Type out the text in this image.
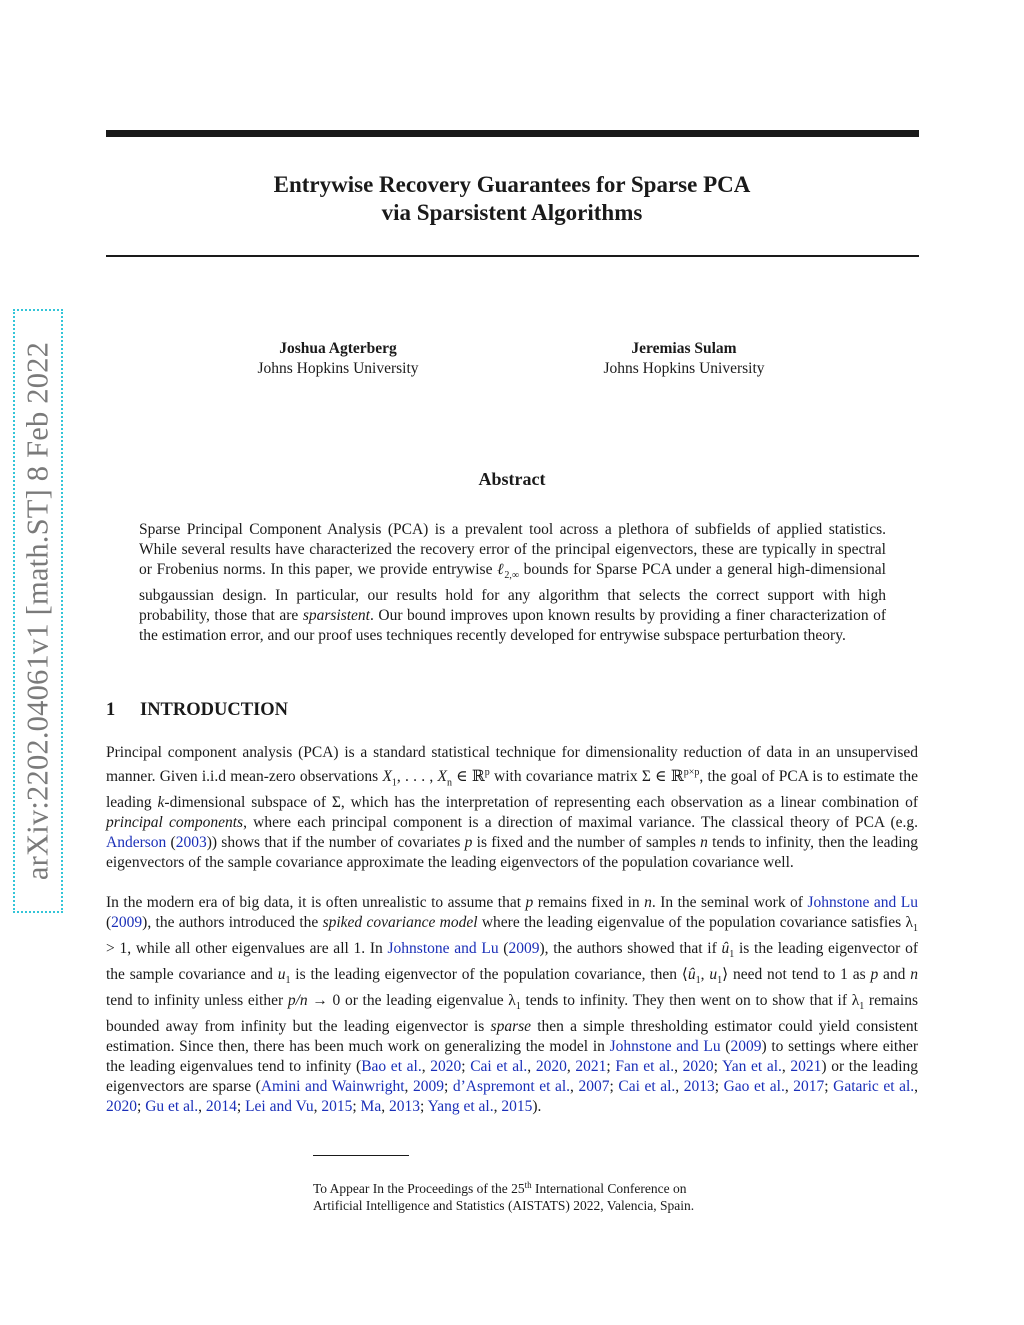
arXiv:2202.04061v1 [math.ST] 8 Feb 2022
Entrywise Recovery Guarantees for Sparse PCA
via Sparsistent Algorithms
Joshua Agterberg
Johns Hopkins University
Jeremias Sulam
Johns Hopkins University
Abstract
Sparse Principal Component Analysis (PCA) is a prevalent tool across a plethora of subfields of applied statistics. While several results have characterized the recovery error of the principal eigenvectors, these are typically in spectral or Frobenius norms. In this paper, we provide entrywise ℓ$_{2,\infty}$ bounds for Sparse PCA under a general high-dimensional subgaussian design. In particular, our results hold for any algorithm that selects the correct support with high probability, those that are sparsistent. Our bound improves upon known results by providing a finer characterization of the estimation error, and our proof uses techniques recently developed for entrywise subspace perturbation theory.
1 INTRODUCTION
Principal component analysis (PCA) is a standard statistical technique for dimensionality reduction of data in an unsupervised manner. Given i.i.d mean-zero observations $X_1$, . . . , $X_n$ ∈ ℝ$^p$ with covariance matrix Σ ∈ ℝ$^{p\times p}$, the goal of PCA is to estimate the leading k-dimensional subspace of Σ, which has the interpretation of representing each observation as a linear combination of principal components, where each principal component is a direction of maximal variance. The classical theory of PCA (e.g. Anderson (2003)) shows that if the number of covariates p is fixed and the number of samples n tends to infinity, then the leading eigenvectors of the sample covariance approximate the leading eigenvectors of the population covariance well.
In the modern era of big data, it is often unrealistic to assume that p remains fixed in n. In the seminal work of Johnstone and Lu (2009), the authors introduced the spiked covariance model where the leading eigenvalue of the population covariance satisfies $\lambda_1 > 1$, while all other eigenvalues are all 1. In Johnstone and Lu (2009), the authors showed that if $û_1$ is the leading eigenvector of the sample covariance and $u_1$ is the leading eigenvector of the population covariance, then $⟨û_1$, $u_1⟩$ need not tend to 1 as p and n tend to infinity unless either p/n → 0 or the leading eigenvalue $\lambda_1$ tends to infinity. They then went on to show that if $\lambda_1$ remains bounded away from infinity but the leading eigenvector is sparse then a simple thresholding estimator could yield consistent estimation. Since then, there has been much work on generalizing the model in Johnstone and Lu (2009) to settings where either the leading eigenvalues tend to infinity (Bao et al., 2020; Cai et al., 2020, 2021; Fan et al., 2020; Yan et al., 2021) or the leading eigenvectors are sparse (Amini and Wainwright, 2009; d’Aspremont et al., 2007; Cai et al., 2013; Gao et al., 2017; Gataric et al., 2020; Gu et al., 2014; Lei and Vu, 2015; Ma, 2013; Yang et al., 2015).
To Appear In the Proceedings of the 25th International Conference on Artificial Intelligence and Statistics (AISTATS) 2022, Valencia, Spain.
